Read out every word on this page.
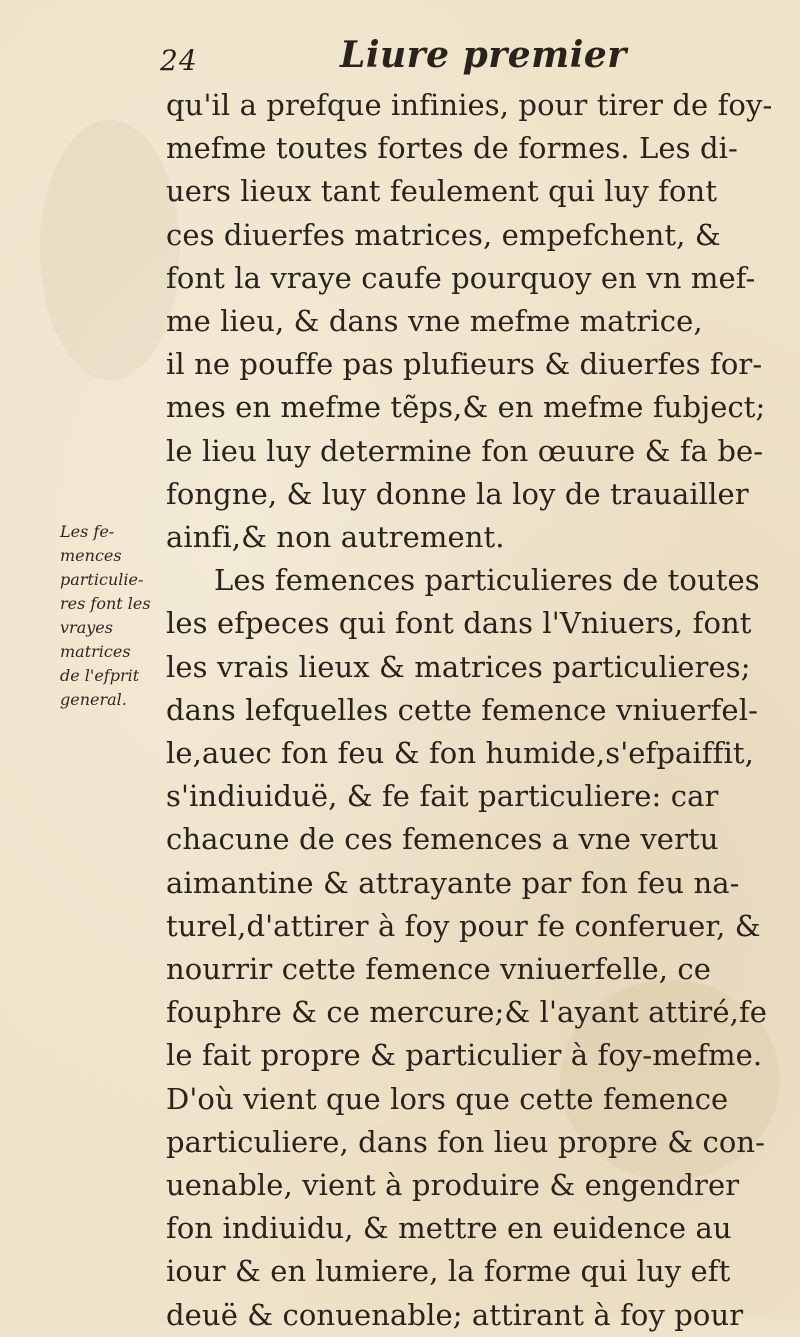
24	Liure premier
Les fe-
mences
particulie-
res font les
vrayes
matrices
de l'efprit
general.
qu'il a prefque infinies, pour tirer de foy-
mefme toutes fortes de formes. Les di-
uers lieux tant feulement qui luy font
ces diuerfes matrices, empefchent, &
font la vraye caufe pourquoy en vn mef-
me lieu, & dans vne mefme matrice,
il ne pouffe pas plufieurs & diuerfes for-
mes en mefme tẽps,& en mefme fubject;
le lieu luy determine fon œuure & fa be-
fongne, & luy donne la loy de trauailler
ainfi,& non autrement.
Les femences particulieres de toutes
les efpeces qui font dans l'Vniuers, font
les vrais lieux & matrices particulieres;
dans lefquelles cette femence vniuerfel-
le,auec fon feu & fon humide,s'efpaiffit,
s'indiuiduë, & fe fait particuliere: car
chacune de ces femences a vne vertu
aimantine & attrayante par fon feu na-
turel,d'attirer à foy pour fe conferuer, &
nourrir cette femence vniuerfelle, ce
fouphre & ce mercure;& l'ayant attiré,fe
le fait propre & particulier à foy-mefme.
D'où vient que lors que cette femence
particuliere, dans fon lieu propre & con-
uenable, vient à produire & engendrer
fon indiuidu, & mettre en euidence au
iour & en lumiere, la forme qui luy eft
deuë & conuenable; attirant à foy pour
